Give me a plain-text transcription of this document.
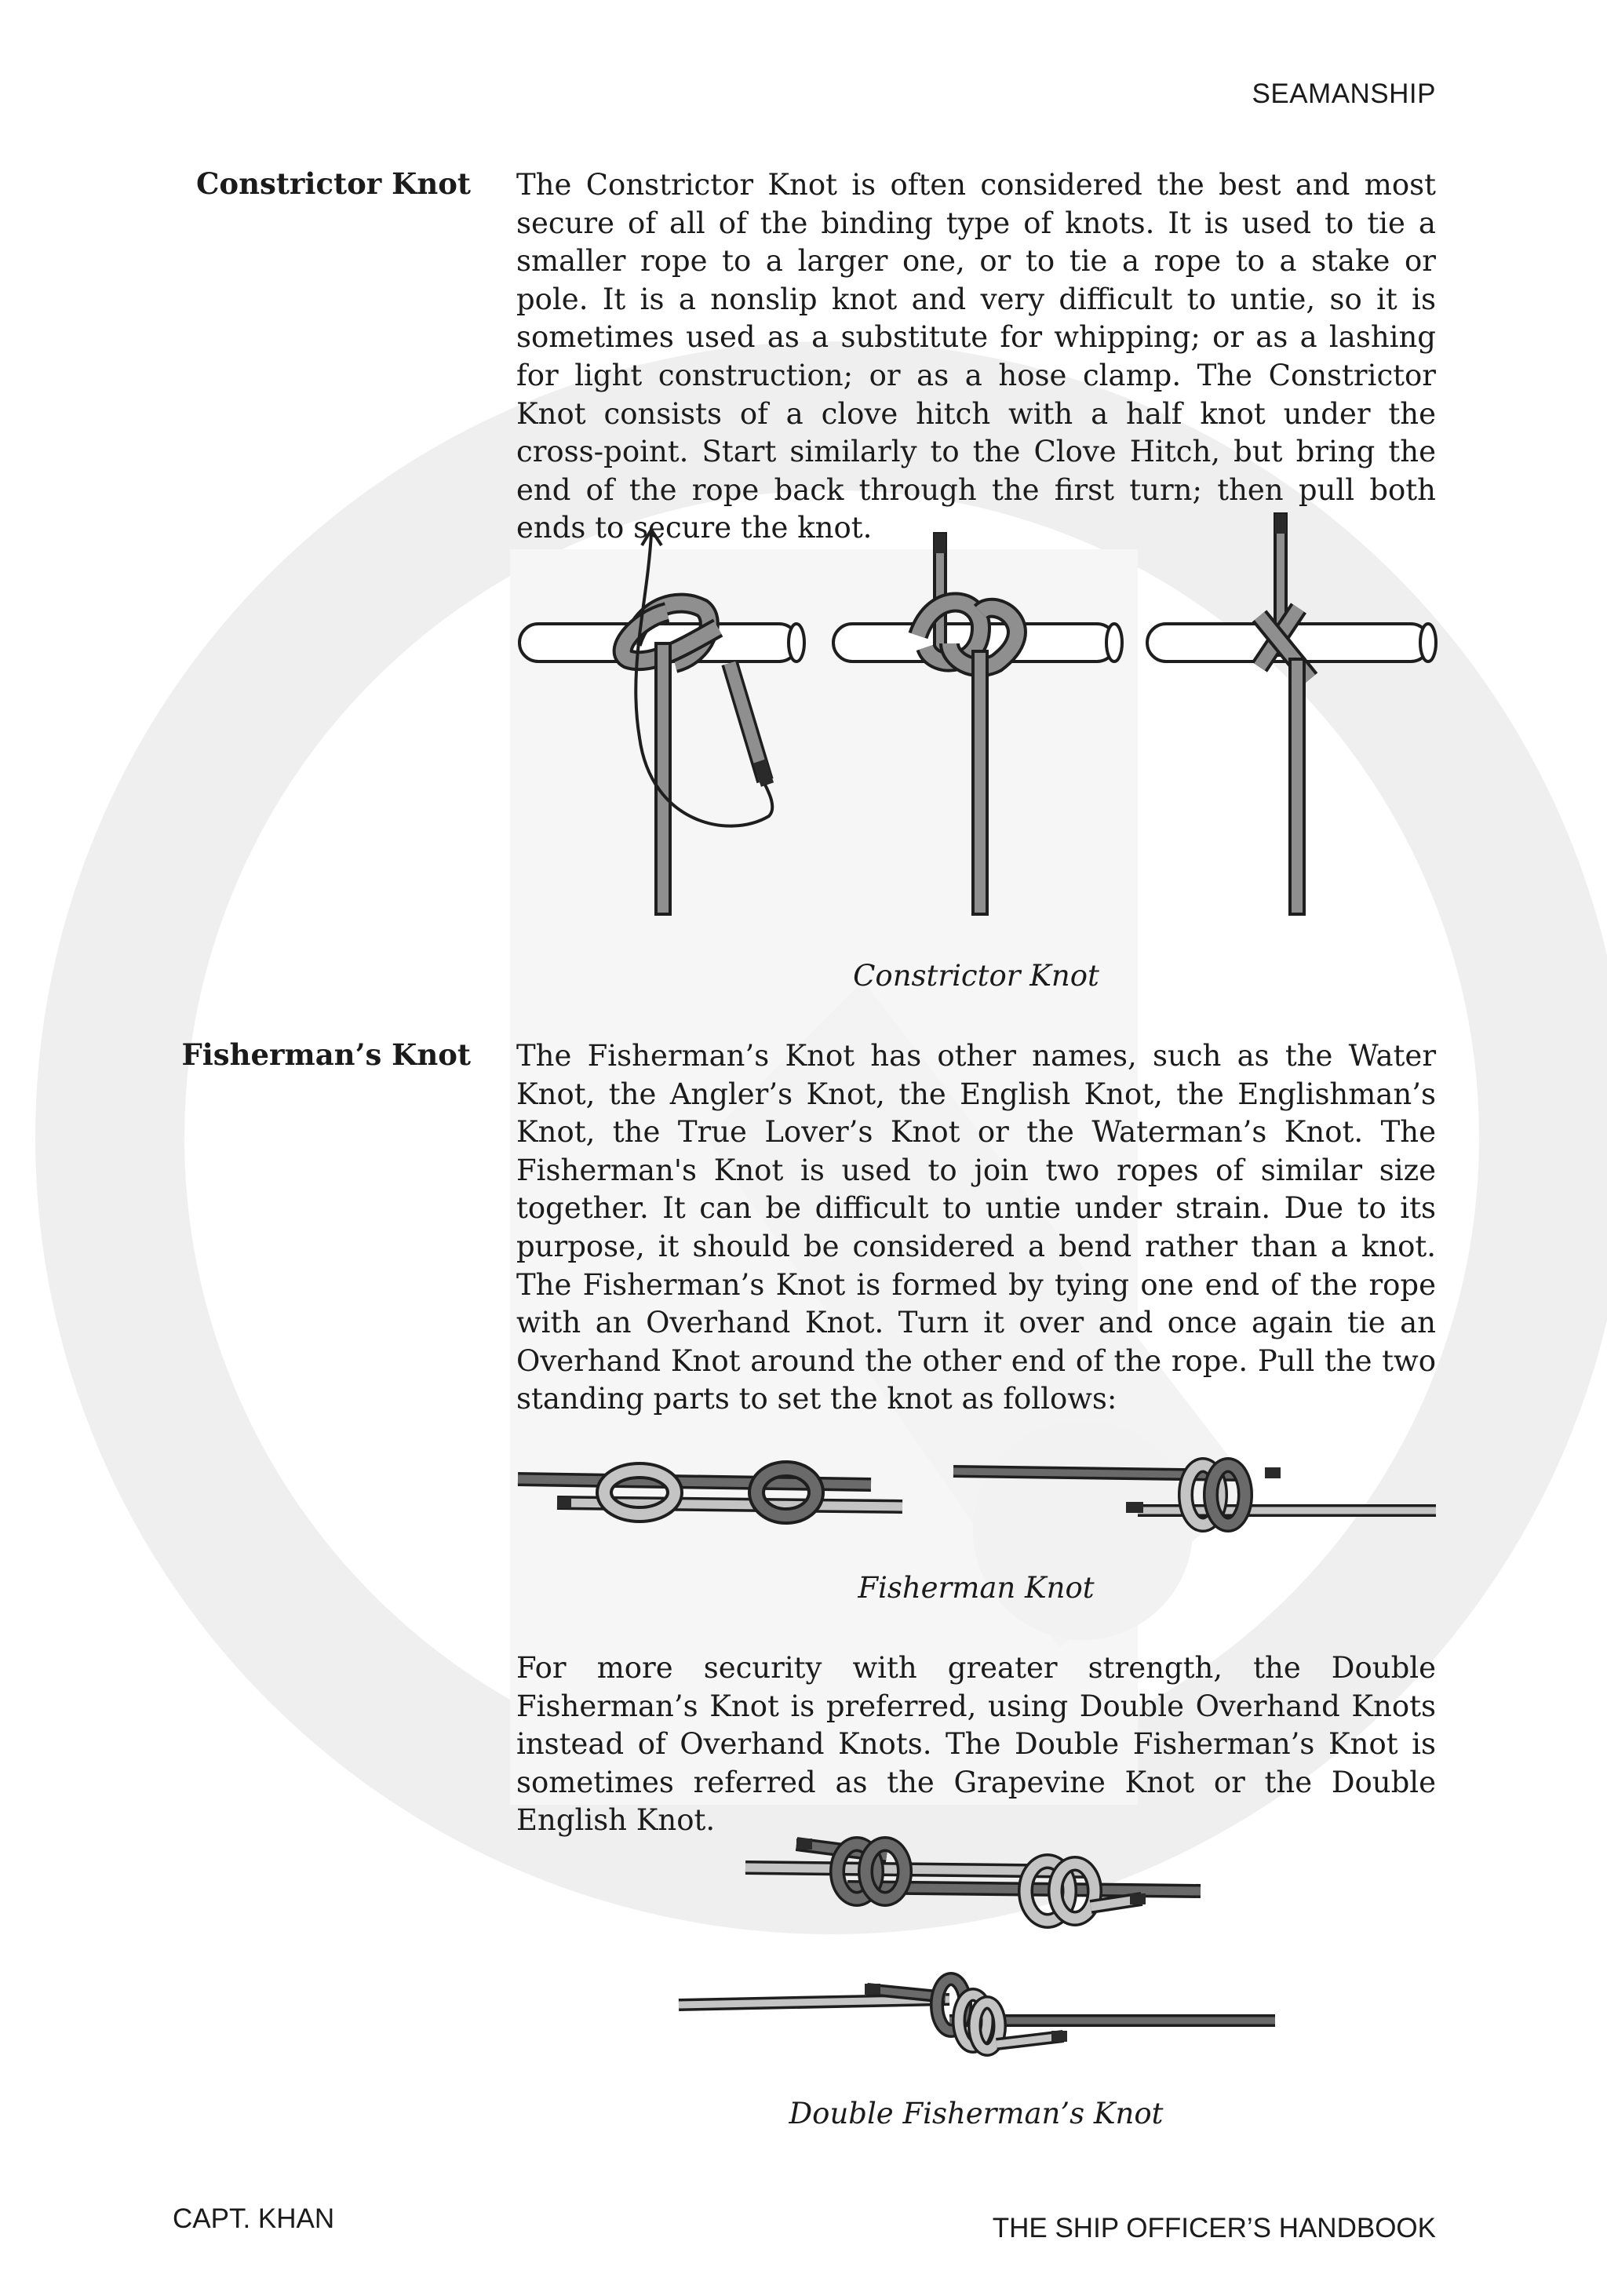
SEAMANSHIP
Constrictor Knot The Constrictor Knot is often considered the best and most secure of all of the binding type of knots. It is used to tie a smaller rope to a larger one, or to tie a rope to a stake or pole. It is a nonslip knot and very difficult to untie, so it is sometimes used as a substitute for whipping; or as a lashing for light construction; or as a hose clamp. The Constrictor Knot consists of a clove hitch with a half knot under the cross-point. Start similarly to the Clove Hitch, but bring the end of the rope back through the first turn; then pull both ends to secure the knot.
Constrictor Knot
Fisherman’s Knot The Fisherman’s Knot has other names, such as the Water Knot, the Angler’s Knot, the English Knot, the Englishman’s Knot, the True Lover’s Knot or the Waterman’s Knot. The Fisherman's Knot is used to join two ropes of similar size together. It can be difficult to untie under strain. Due to its purpose, it should be considered a bend rather than a knot. The Fisherman’s Knot is formed by tying one end of the rope with an Overhand Knot. Turn it over and once again tie an Overhand Knot around the other end of the rope. Pull the two standing parts to set the knot as follows:
Fisherman Knot
For more security with greater strength, the Double Fisherman’s Knot is preferred, using Double Overhand Knots instead of Overhand Knots. The Double Fisherman’s Knot is sometimes referred as the Grapevine Knot or the Double English Knot.
Double Fisherman’s Knot
CAPT. KHAN	THE SHIP OFFICER’S HANDBOOK
